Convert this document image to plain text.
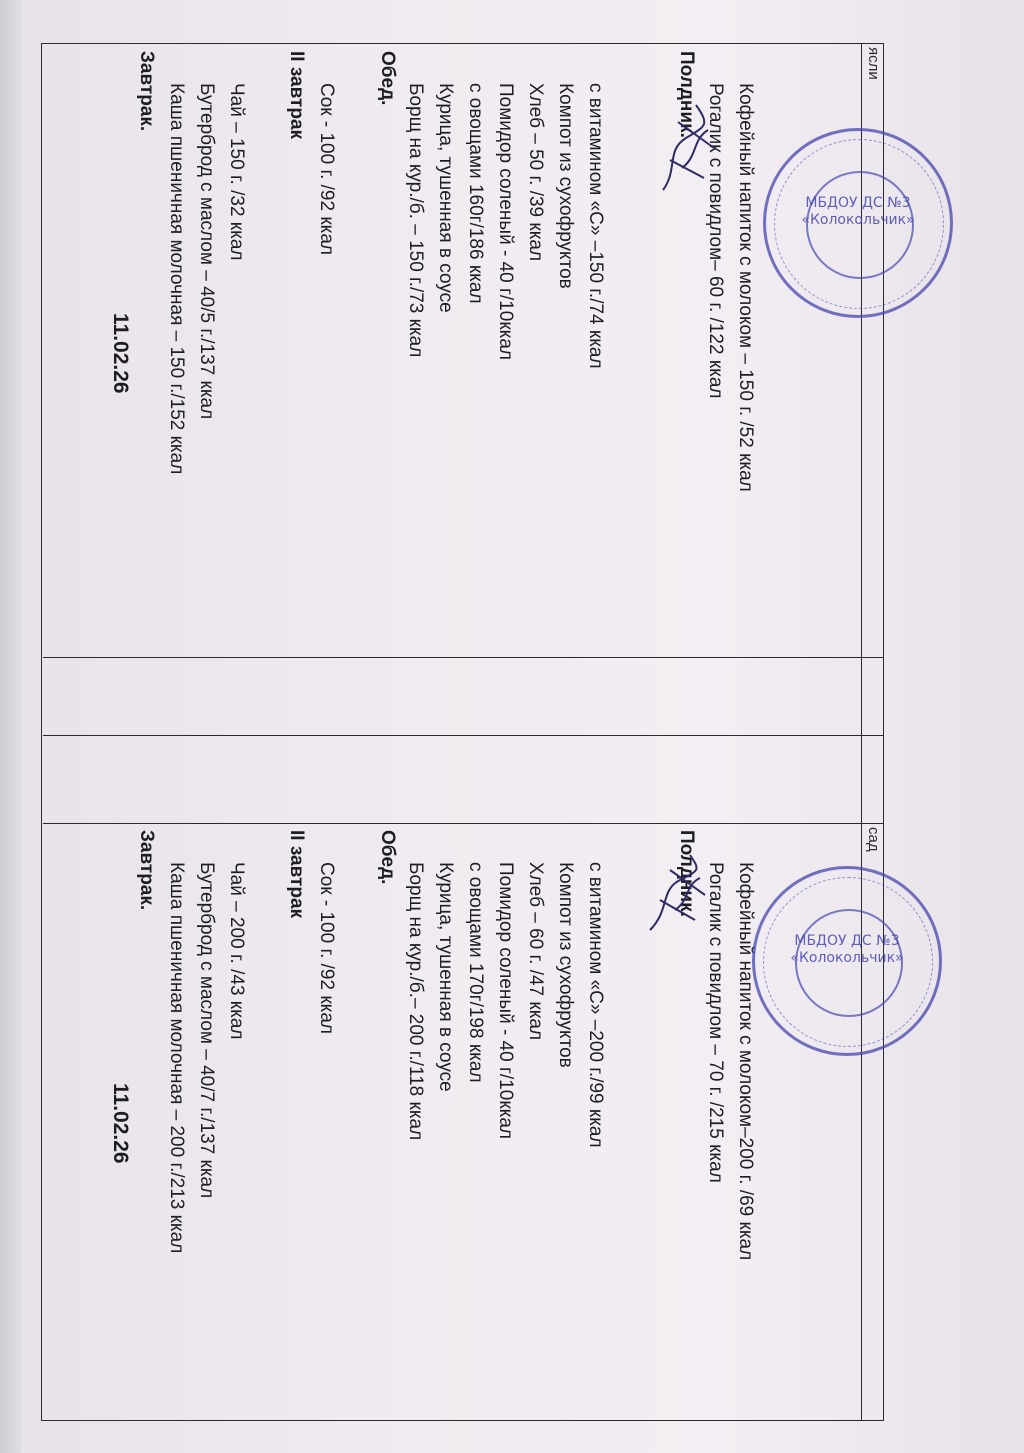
ясли
11.02.26
Завтрак. Каша пшеничная молочная – 150 г./152 ккал Бутерброд с маслом – 40/5 г./137 ккал Чай – 150 г. /32 ккал II завтрак Сок - 100 г. /92 ккал
Обед.
Борщ на кур./б. – 150 г./73 ккал Курица, тушенная в соусе с овощами 160г/186 ккал Помидор соленый - 40 г/10ккал Хлеб – 50 г. /39 ккал Компот из сухофруктов с витамином «С» –150 г./74 ккал	Полдник. Рогалик с повидлом– 60 г. /122 ккал Кофейный напиток с молоком – 150 г. /52 ккал
сад
11.02.26
Завтрак. Каша пшеничная молочная – 200 г./213 ккал Бутерброд с маслом – 40/7 г./137 ккал Чай – 200 г. /43 ккал II завтрак Сок - 100 г. /92 ккал
Обед.
Борщ на кур./б.– 200 г./118 ккал Курица, тушенная в соусе с овощами 170г/198 ккал Помидор соленый - 40 г/10ккал Хлеб – 60 г. /47 ккал Компот из сухофруктов с витамином «С» –200 г./99 ккал	Полдник. Рогалик с повидлом – 70 г. /215 ккал Кофейный напиток с молоком–200 г. /69 ккал	МБДОУ ДС №3 «Колокольчик»
МБДОУ ДС №3 «Колокольчик»
